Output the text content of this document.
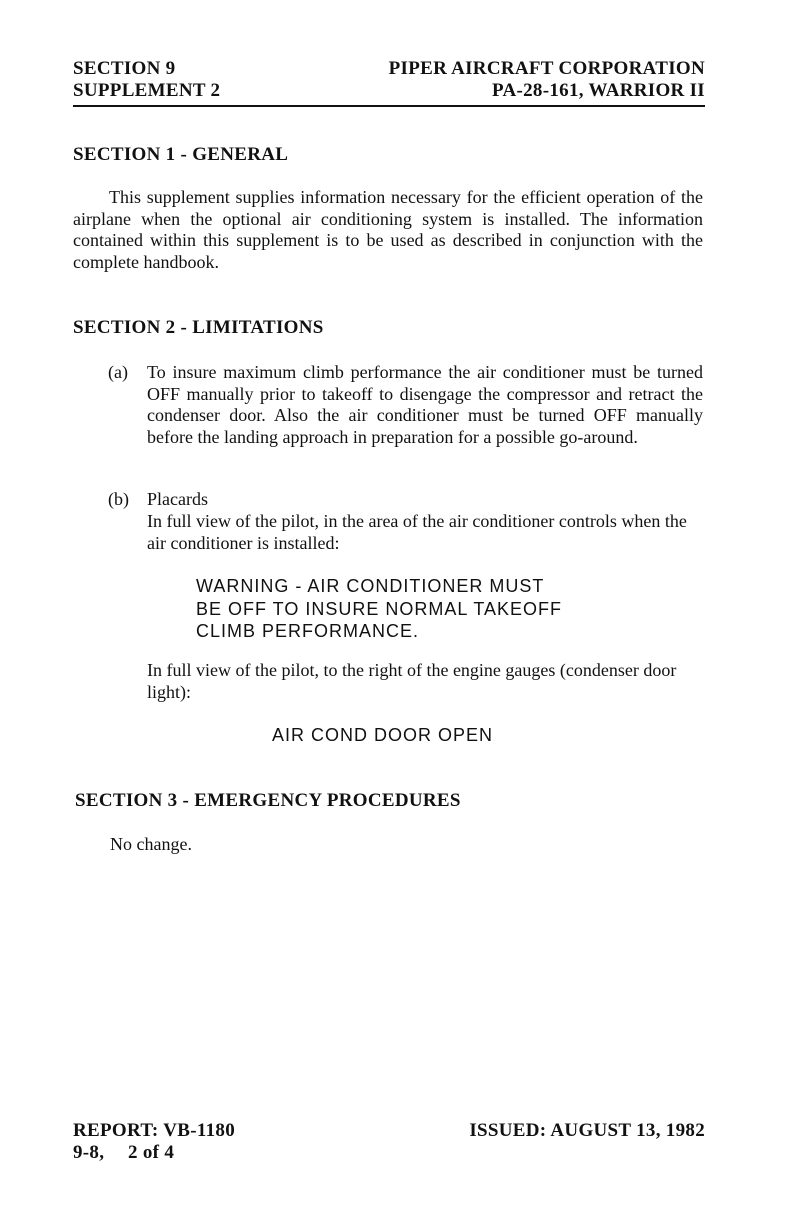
SECTION 9
SUPPLEMENT 2
PIPER AIRCRAFT CORPORATION
PA-28-161, WARRIOR II
SECTION 1 - GENERAL

This supplement supplies information necessary for the efficient operation of the airplane when the optional air conditioning system is installed. The information contained within this supplement is to be used as described in conjunction with the complete handbook.

SECTION 2 - LIMITATIONS
(a) To insure maximum climb performance the air conditioner must be turned OFF manually prior to takeoff to disengage the compressor and retract the condenser door. Also the air conditioner must be turned OFF manually before the landing approach in preparation for a possible go-around.

(b) Placards

In full view of the pilot, in the area of the air conditioner controls when the air conditioner is installed:

WARNING - AIR CONDITIONER MUST
BE OFF TO INSURE NORMAL TAKEOFF
CLIMB PERFORMANCE.

In full view of the pilot, to the right of the engine gauges (condenser door light):

AIR COND DOOR OPEN
SECTION 3 - EMERGENCY PROCEDURES

No change.

REPORT: VB-1180
9-8, 2 of 4
ISSUED: AUGUST 13, 1982
